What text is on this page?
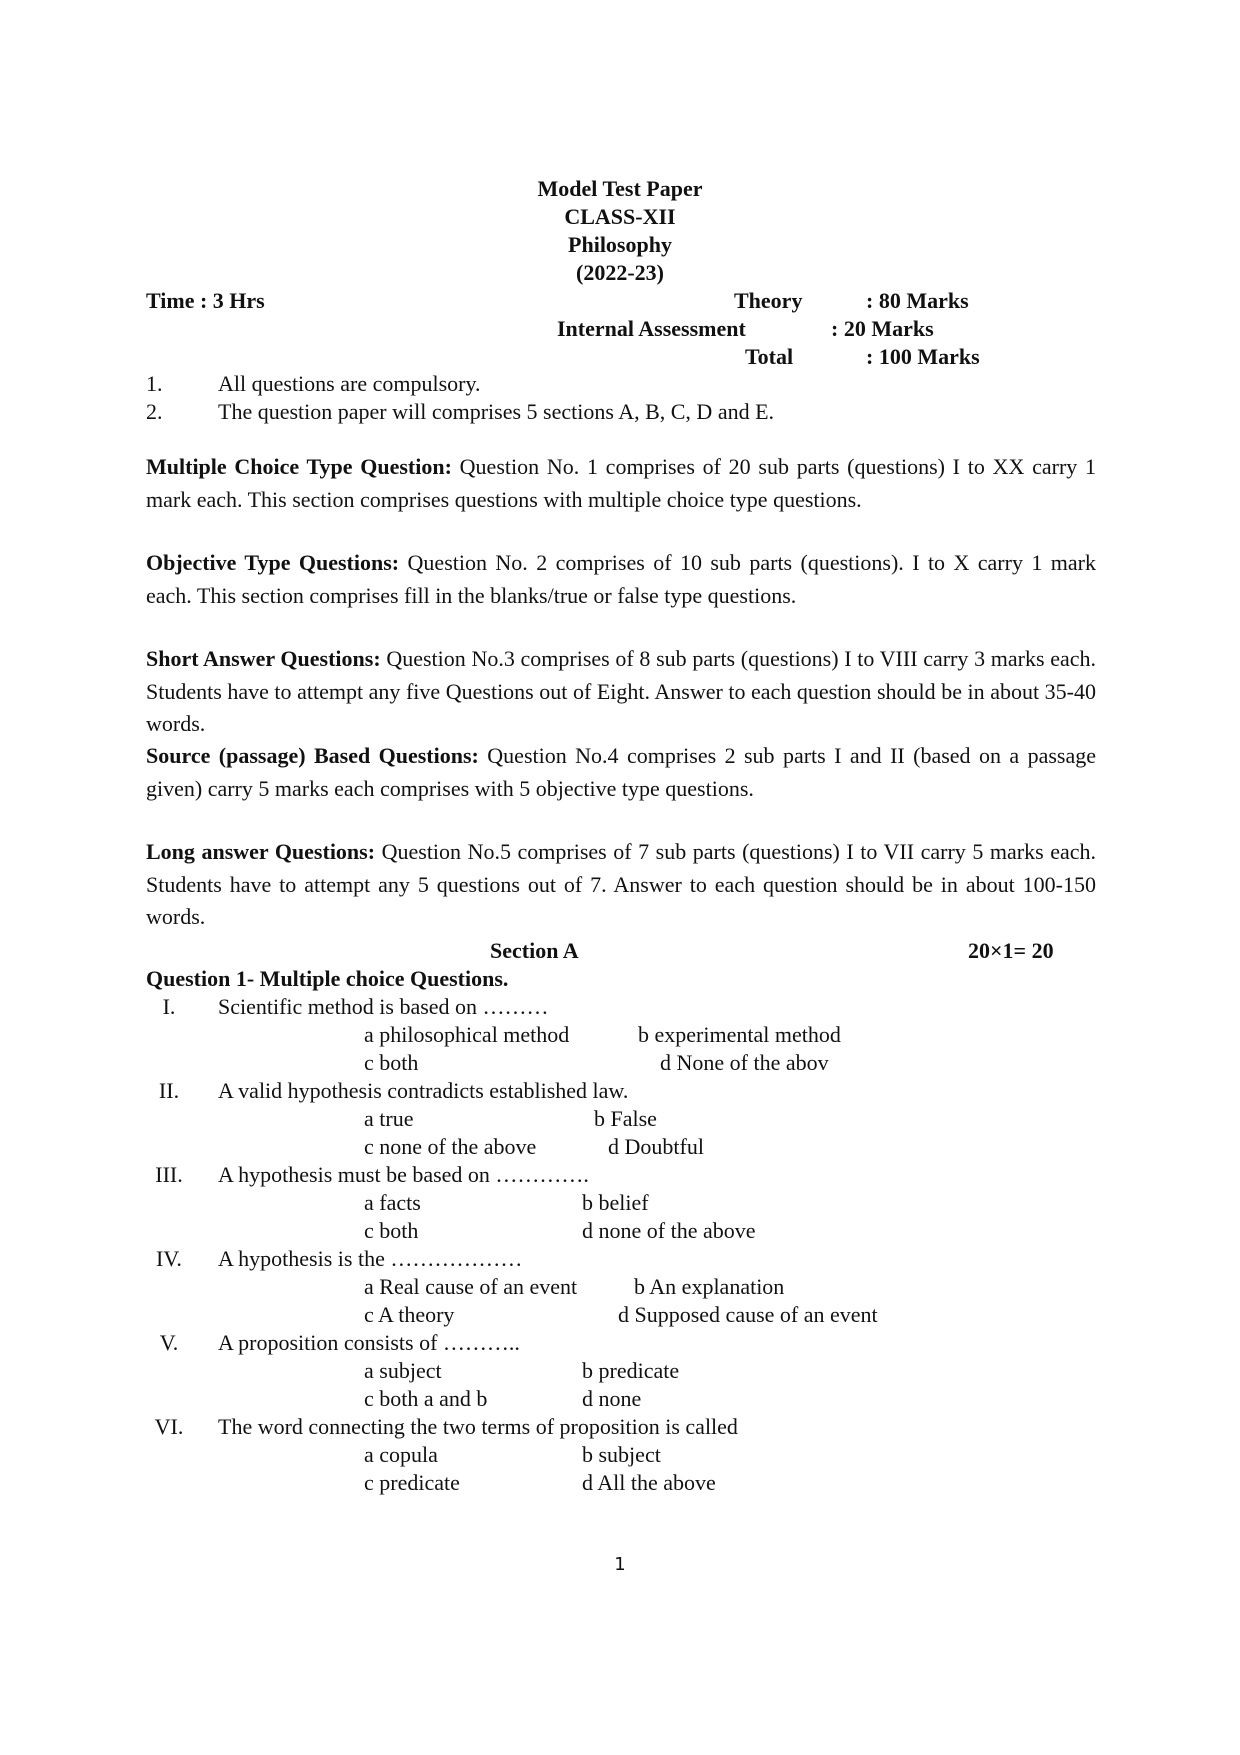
Model Test Paper
CLASS-XII
Philosophy
(2022-23)
Time : 3 Hrs	Theory	: 80 Marks
Internal Assessment	: 20 Marks
Total	: 100 Marks
1.	All questions are compulsory.
2.	The question paper will comprises 5 sections A, B, C, D and E.
Multiple Choice Type Question: Question No. 1 comprises of 20 sub parts (questions) I to XX carry 1 mark each. This section comprises questions with multiple choice type questions.
Objective Type Questions: Question No. 2 comprises of 10 sub parts (questions). I to X carry 1 mark each. This section comprises fill in the blanks/true or false type questions.
Short Answer Questions: Question No.3 comprises of 8 sub parts (questions) I to VIII carry 3 marks each. Students have to attempt any five Questions out of Eight. Answer to each question should be in about 35-40 words.
Source (passage) Based Questions: Question No.4 comprises 2 sub parts I and II (based on a passage given) carry 5 marks each comprises with 5 objective type questions.
Long answer Questions: Question No.5 comprises of 7 sub parts (questions) I to VII carry 5 marks each. Students have to attempt any 5 questions out of 7. Answer to each question should be in about 100-150 words.
Section A	20×1= 20
Question 1- Multiple choice Questions.
I.	Scientific method is based on ………
a philosophical method	b experimental method
c both	d None of the abov
II.	A valid hypothesis contradicts established law.
a true	b False
c none of the above	d Doubtful
III.	A hypothesis must be based on ………….
a facts	b belief
c both	d none of the above
IV.	A hypothesis is the ………………
a Real cause of an event	b An explanation
c A theory	d Supposed cause of an event
V.	A proposition consists of ………..
a subject	b predicate
c both a and b	d none
VI.	The word connecting the two terms of proposition is called
a copula	b subject
c predicate	d All the above
1
